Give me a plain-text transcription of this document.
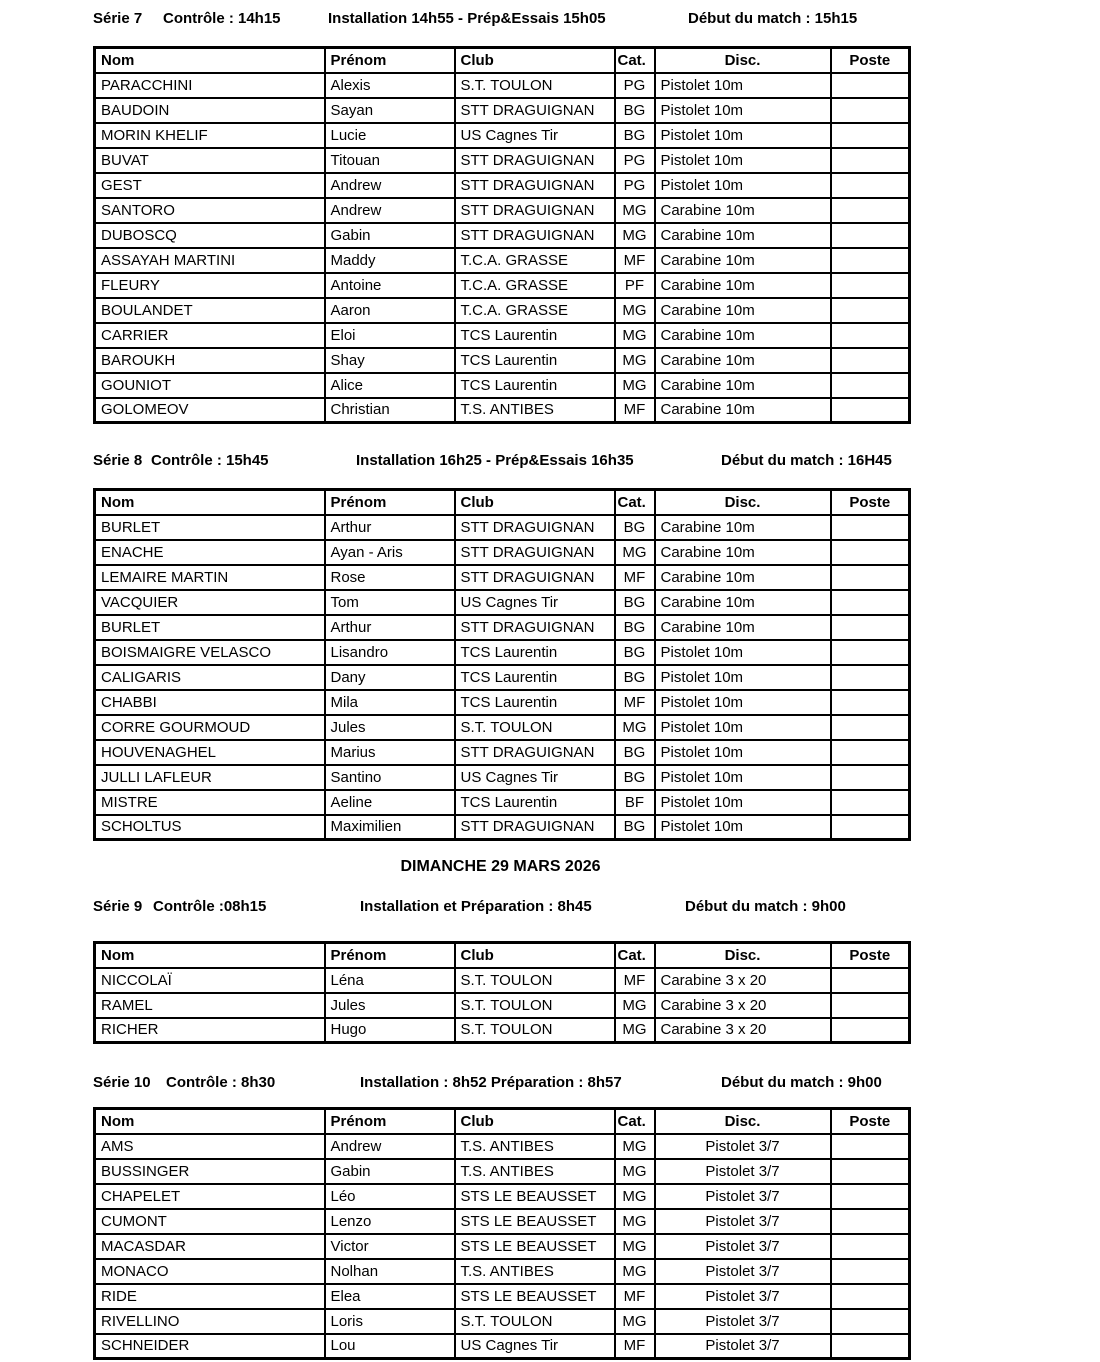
Série 7 Contrôle : 14h15	Installation 14h55 - Prép&Essais 15h05	Début du match : 15h15
Nom	Prénom	Club	Cat.	Disc.	Poste
PARACCHINI	Alexis	S.T. TOULON	PG	Pistolet 10m	
BAUDOIN	Sayan	STT DRAGUIGNAN	BG	Pistolet 10m	
MORIN KHELIF	Lucie	US Cagnes Tir	BG	Pistolet 10m	
BUVAT	Titouan	STT DRAGUIGNAN	PG	Pistolet 10m	
GEST	Andrew	STT DRAGUIGNAN	PG	Pistolet 10m	
SANTORO	Andrew	STT DRAGUIGNAN	MG	Carabine 10m	
DUBOSCQ	Gabin	STT DRAGUIGNAN	MG	Carabine 10m	
ASSAYAH MARTINI	Maddy	T.C.A. GRASSE	MF	Carabine 10m	
FLEURY	Antoine	T.C.A. GRASSE	PF	Carabine 10m	
BOULANDET	Aaron	T.C.A. GRASSE	MG	Carabine 10m	
CARRIER	Eloi	TCS Laurentin	MG	Carabine 10m	
BAROUKH	Shay	TCS Laurentin	MG	Carabine 10m	
GOUNIOT	Alice	TCS Laurentin	MG	Carabine 10m	
GOLOMEOV	Christian	T.S. ANTIBES	MF	Carabine 10m	
Série 8 Contrôle : 15h45	Installation 16h25 - Prép&Essais 16h35	Début du match : 16H45
Nom	Prénom	Club	Cat.	Disc.	Poste
BURLET	Arthur	STT DRAGUIGNAN	BG	Carabine 10m	
ENACHE	Ayan - Aris	STT DRAGUIGNAN	MG	Carabine 10m	
LEMAIRE MARTIN	Rose	STT DRAGUIGNAN	MF	Carabine 10m	
VACQUIER	Tom	US Cagnes Tir	BG	Carabine 10m	
BURLET	Arthur	STT DRAGUIGNAN	BG	Carabine 10m	
BOISMAIGRE VELASCO	Lisandro	TCS Laurentin	BG	Pistolet 10m	
CALIGARIS	Dany	TCS Laurentin	BG	Pistolet 10m	
CHABBI	Mila	TCS Laurentin	MF	Pistolet 10m	
CORRE GOURMOUD	Jules	S.T. TOULON	MG	Pistolet 10m	
HOUVENAGHEL	Marius	STT DRAGUIGNAN	BG	Pistolet 10m	
JULLI LAFLEUR	Santino	US Cagnes Tir	BG	Pistolet 10m	
MISTRE	Aeline	TCS Laurentin	BF	Pistolet 10m	
SCHOLTUS	Maximilien	STT DRAGUIGNAN	BG	Pistolet 10m	
DIMANCHE 29 MARS 2026
Série 9 Contrôle :08h15	Installation et Préparation : 8h45	Début du match : 9h00
Nom	Prénom	Club	Cat.	Disc.	Poste
NICCOLAÏ	Léna	S.T. TOULON	MF	Carabine 3 x 20	
RAMEL	Jules	S.T. TOULON	MG	Carabine 3 x 20	
RICHER	Hugo	S.T. TOULON	MG	Carabine 3 x 20	
Série 10 Contrôle : 8h30	Installation : 8h52 Préparation : 8h57	Début du match : 9h00
Nom	Prénom	Club	Cat.	Disc.	Poste
AMS	Andrew	T.S. ANTIBES	MG	Pistolet 3/7	
BUSSINGER	Gabin	T.S. ANTIBES	MG	Pistolet 3/7	
CHAPELET	Léo	STS LE BEAUSSET	MG	Pistolet 3/7	
CUMONT	Lenzo	STS LE BEAUSSET	MG	Pistolet 3/7	
MACASDAR	Victor	STS LE BEAUSSET	MG	Pistolet 3/7	
MONACO	Nolhan	T.S. ANTIBES	MG	Pistolet 3/7	
RIDE	Elea	STS LE BEAUSSET	MF	Pistolet 3/7	
RIVELLINO	Loris	S.T. TOULON	MG	Pistolet 3/7	
SCHNEIDER	Lou	US Cagnes Tir	MF	Pistolet 3/7	
